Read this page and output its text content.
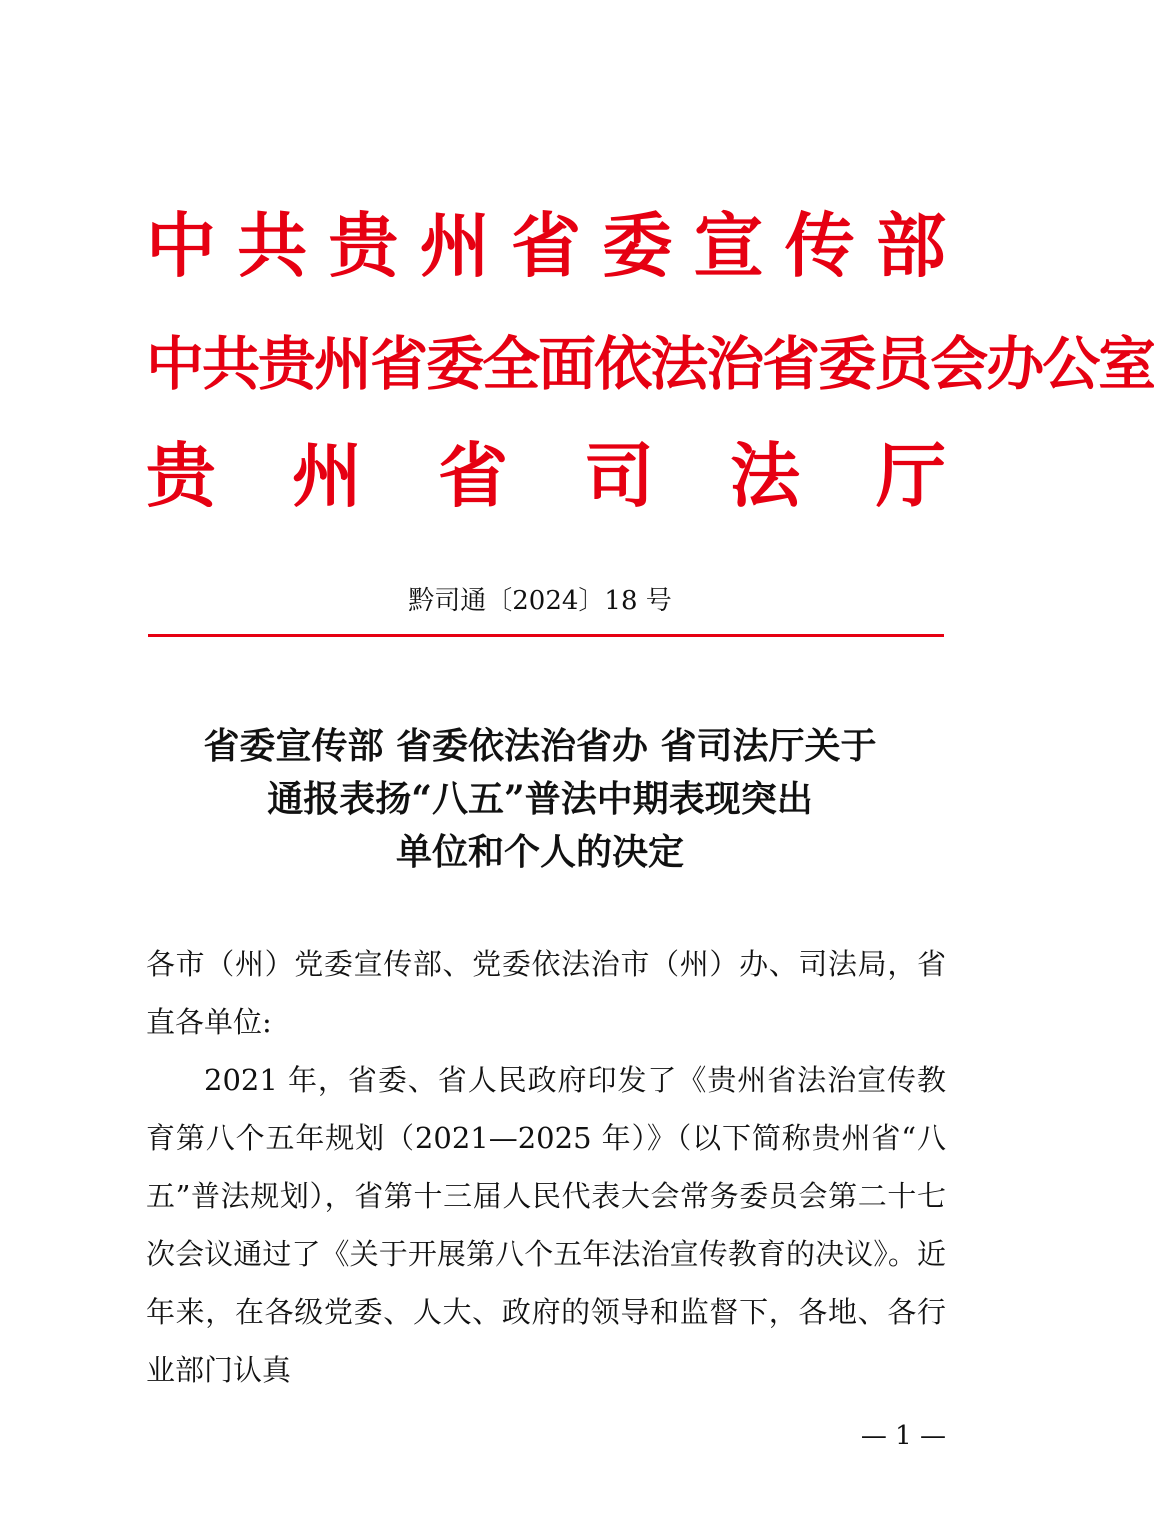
中 共 贵 州 省 委 宣 传 部
中 共 贵 州 省 委 全 面 依 法 治 省 委 员 会 办 公 室
贵 州 省 司 法 厅
黔司通〔2024〕18 号
省委宣传部 省委依法治省办 省司法厅关于
通报表扬“八五”普法中期表现突出
单位和个人的决定

各市（州）党委宣传部、党委依法治市（州）办、司法局，省直各单位:

2021 年，省委、省人民政府印发了《贵州省法治宣传教育第八个五年规划（2021—2025 年）》（以下简称贵州省“八五”普法规划），省第十三届人民代表大会常务委员会第二十七次会议通过了《关于开展第八个五年法治宣传教育的决议》。近年来，在各级党委、人大、政府的领导和监督下，各地、各行业部门认真

— 1 —
